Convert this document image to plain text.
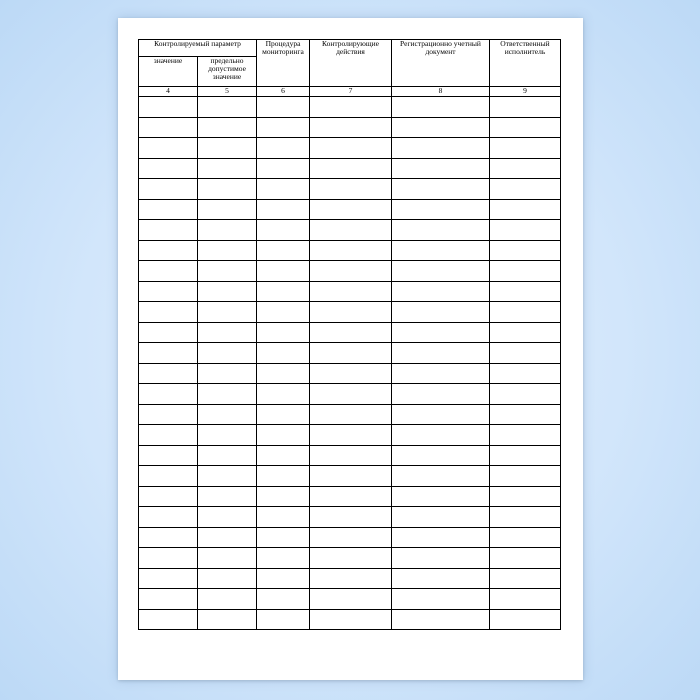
Контролируемый параметр		Процедура мониторинга	Контролирующие действия	Регистрационно учетный документ	Ответственный исполнитель
значение	предельно допустимое значение				
4	5	6	7	8	9
